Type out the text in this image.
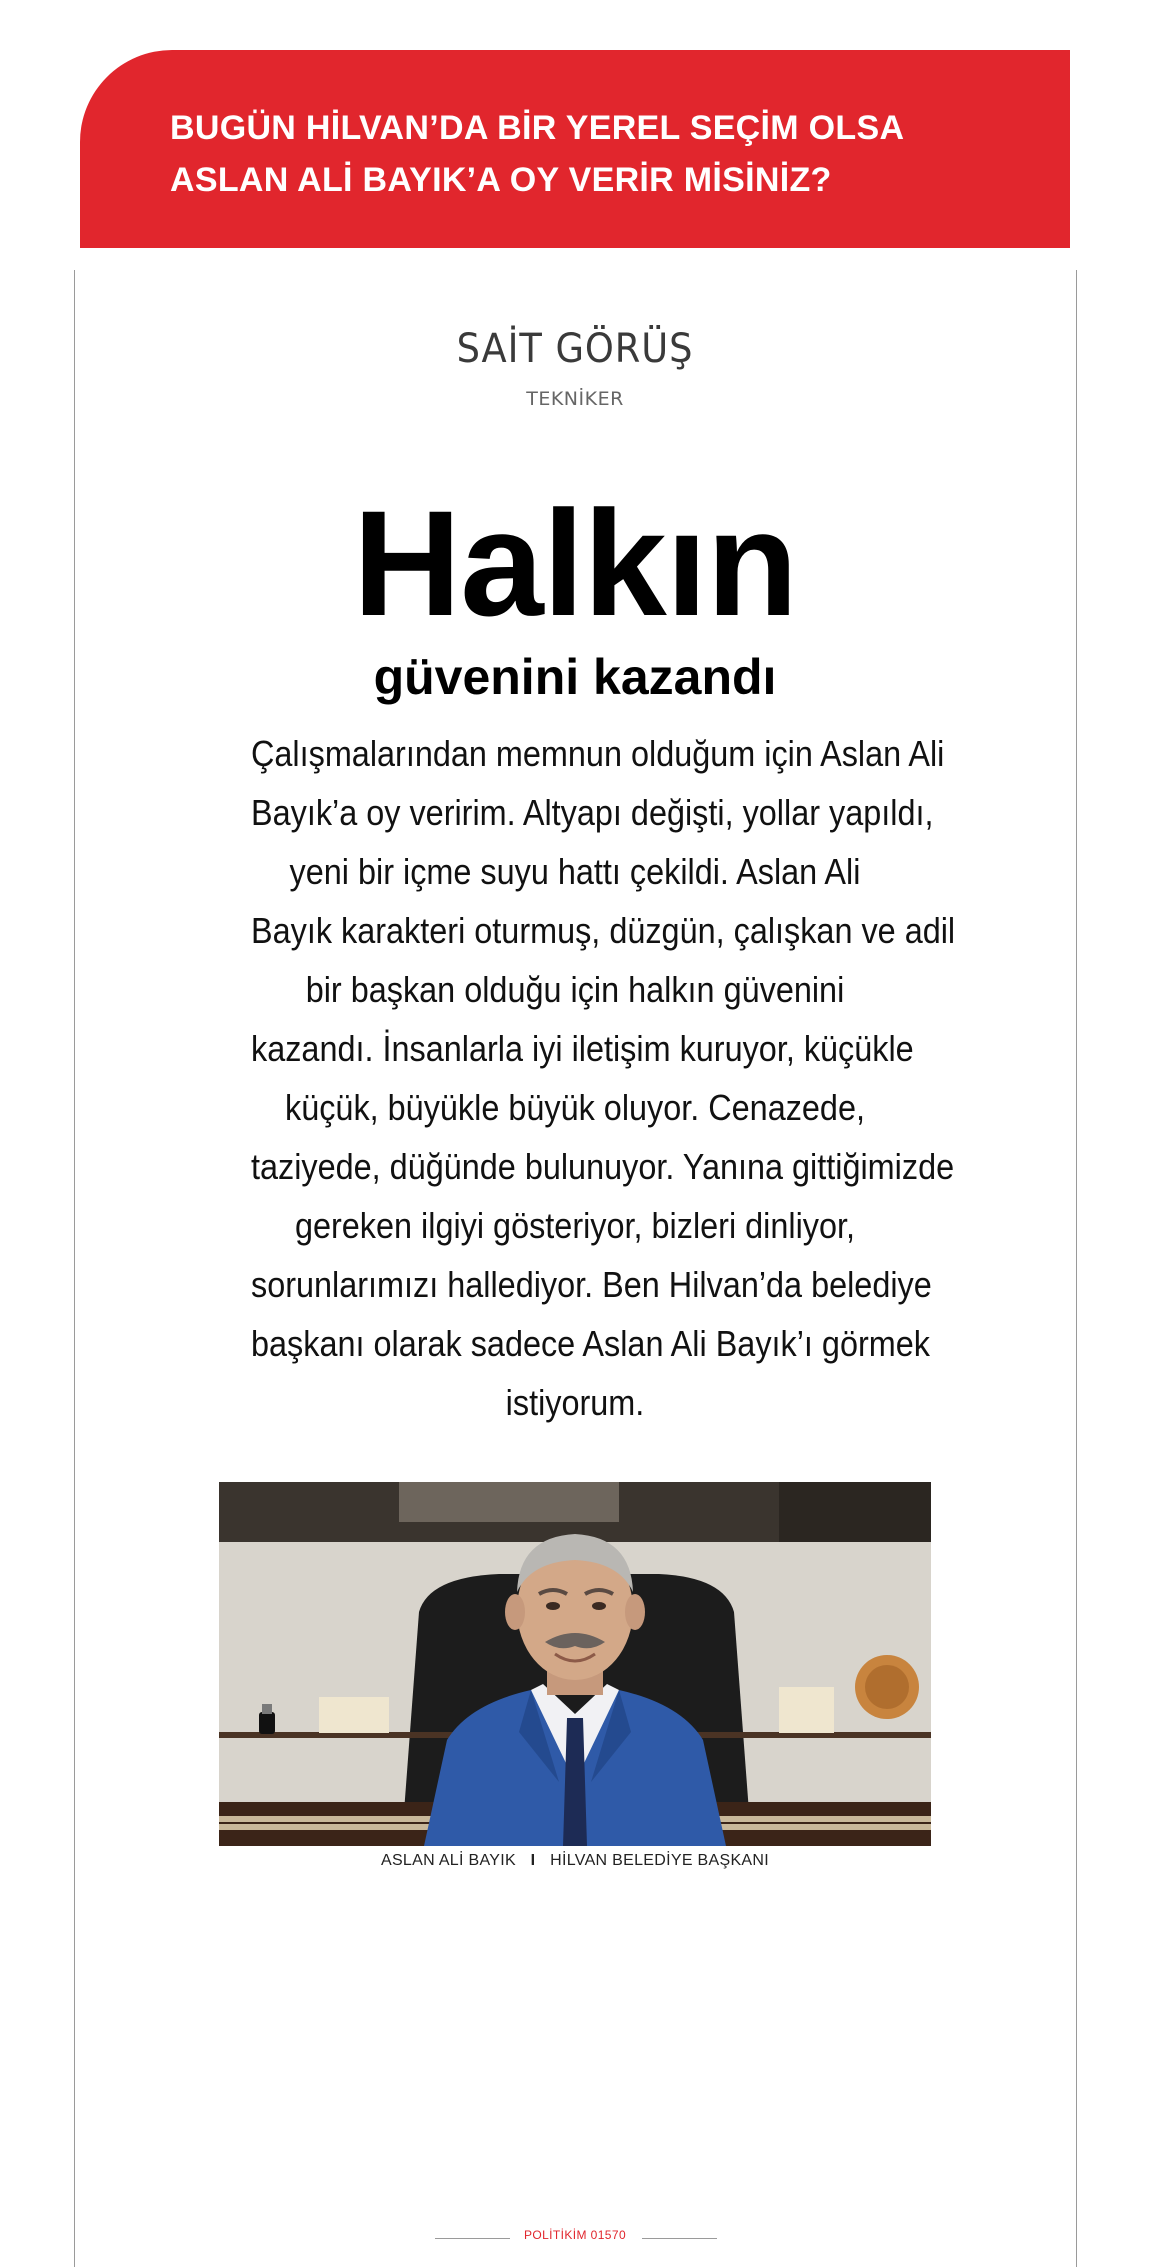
BUGÜN HİLVAN’DA BİR YEREL SEÇİM OLSA
ASLAN ALİ BAYIK’A OY VERİR MİSİNİZ?
SAİT GÖRÜŞ
TEKNİKER
Halkın
güvenini kazandı
Çalışmalarından memnun olduğum için Aslan Ali
Bayık’a oy veririm. Altyapı değişti, yollar yapıldı,
yeni bir içme suyu hattı çekildi. Aslan Ali
Bayık karakteri oturmuş, düzgün, çalışkan ve adil
bir başkan olduğu için halkın güvenini
kazandı. İnsanlarla iyi iletişim kuruyor, küçükle
küçük, büyükle büyük oluyor. Cenazede,
taziyede, düğünde bulunuyor. Yanına gittiğimizde
gereken ilgiyi gösteriyor, bizleri dinliyor,
sorunlarımızı hallediyor. Ben Hilvan’da belediye
başkanı olarak sadece Aslan Ali Bayık’ı görmek
istiyorum.
ASLAN ALİ BAYIK I HİLVAN BELEDİYE BAŞKANI
POLİTİKİM 01570
